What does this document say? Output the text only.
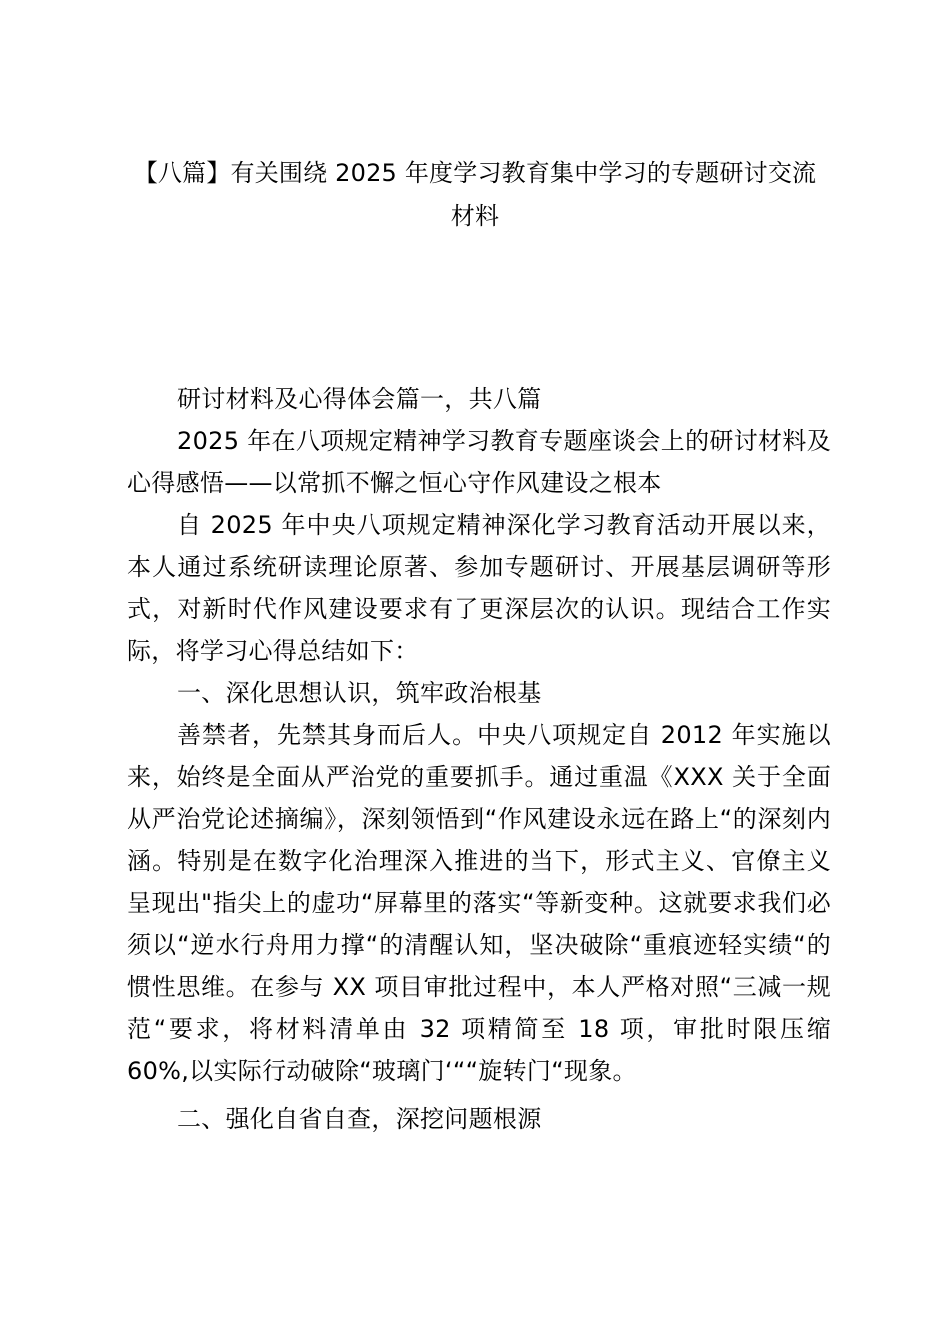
【八篇】有关围绕 2025 年度学习教育集中学习的专题研讨交流
材料

研讨材料及心得体会篇一，共八篇

2025 年在八项规定精神学习教育专题座谈会上的研讨材料及心得感悟——以常抓不懈之恒心守作风建设之根本

自 2025 年中央八项规定精神深化学习教育活动开展以来，本人通过系统研读理论原著、参加专题研讨、开展基层调研等形式，对新时代作风建设要求有了更深层次的认识。现结合工作实际，将学习心得总结如下：

一、深化思想认识，筑牢政治根基

善禁者，先禁其身而后人。中央八项规定自 2012 年实施以来，始终是全面从严治党的重要抓手。通过重温《XXX 关于全面从严治党论述摘编》，深刻领悟到“作风建设永远在路上“的深刻内涵。特别是在数字化治理深入推进的当下，形式主义、官僚主义呈现出"指尖上的虚功“屏幕里的落实“等新变种。这就要求我们必须以“逆水行舟用力撑“的清醒认知，坚决破除“重痕迹轻实绩“的惯性思维。在参与 XX 项目审批过程中，本人严格对照“三减一规范“要求，将材料清单由 32 项精简至 18 项，审批时限压缩 60%,以实际行动破除“玻璃门‘““旋转门“现象。

二、强化自省自查，深挖问题根源
